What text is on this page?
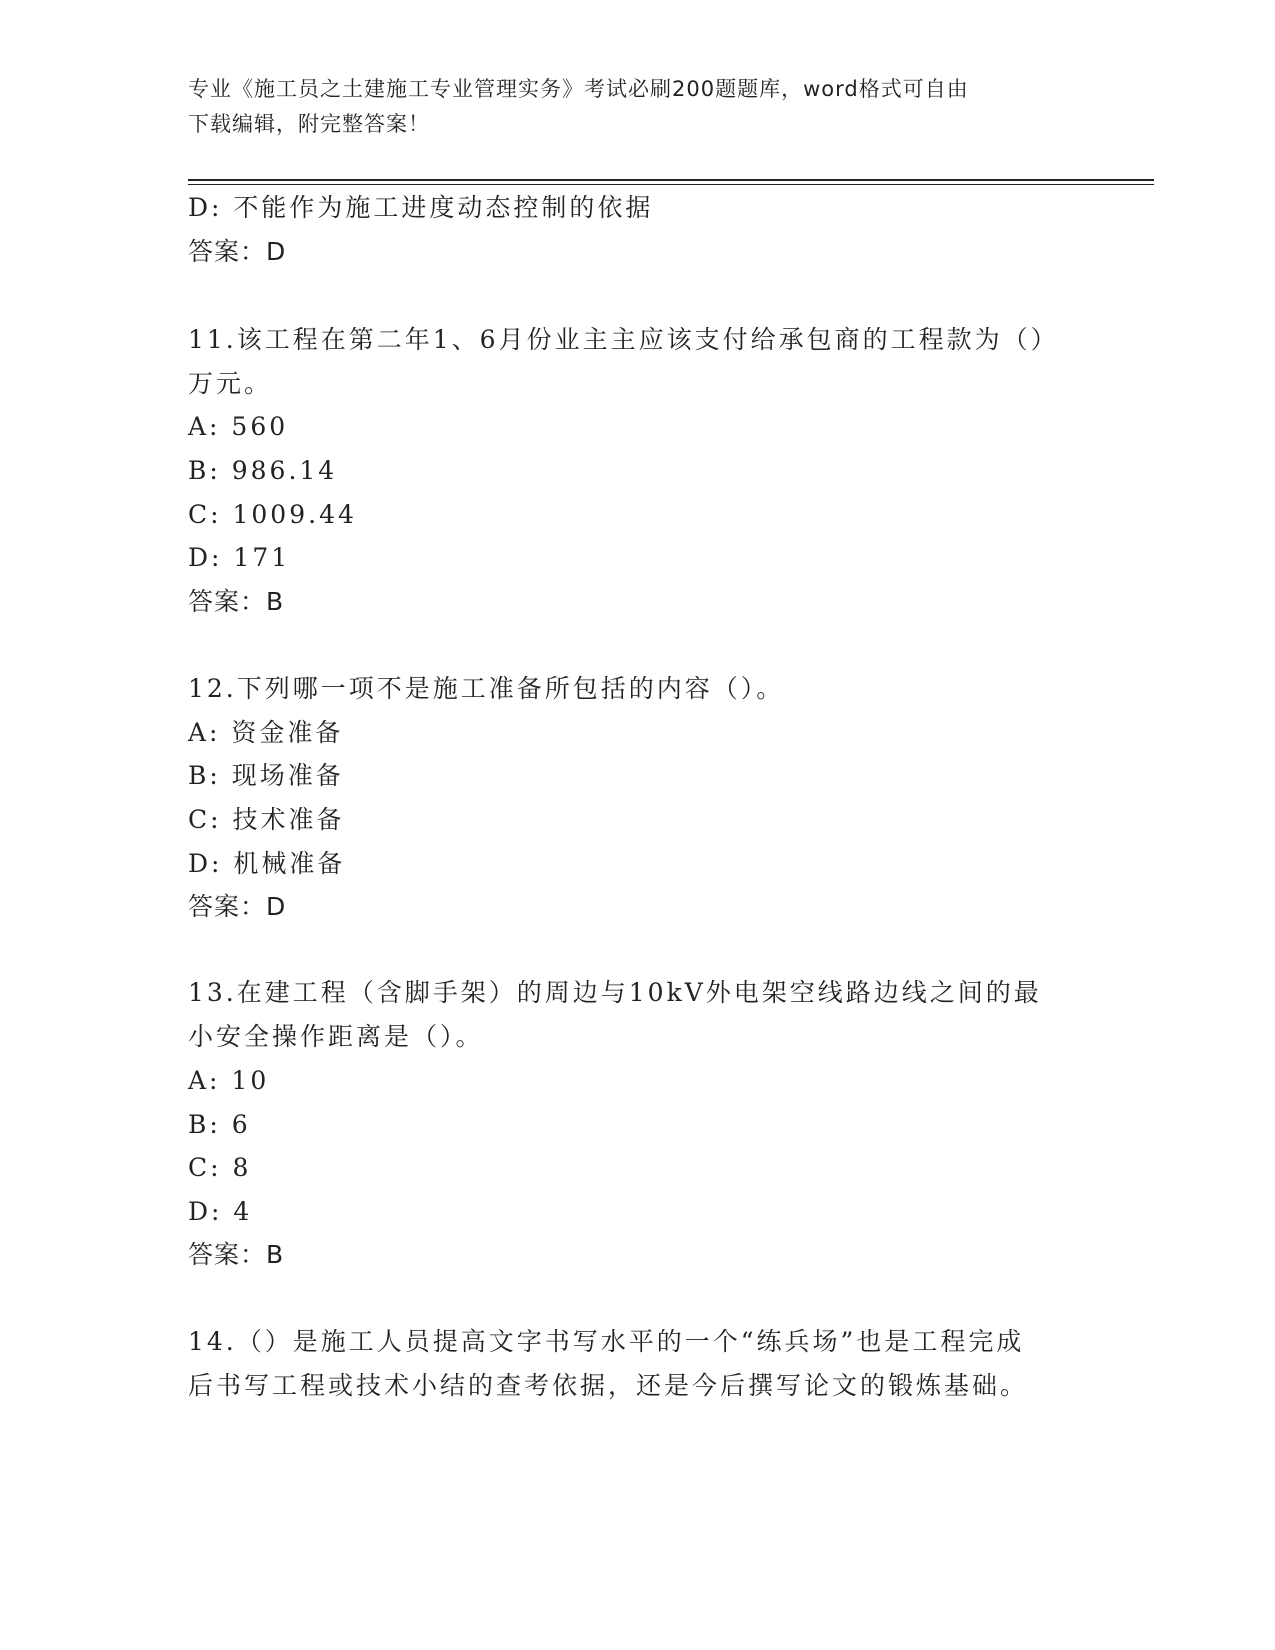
专业《施工员之土建施工专业管理实务》考试必刷200题题库，word格式可自由
下载编辑，附完整答案！
D: 不能作为施工进度动态控制的依据
答案：D
11.该工程在第二年1、6月份业主主应该支付给承包商的工程款为（）
万元。
A: 560
B: 986.14
C: 1009.44
D: 171
答案：B
12.下列哪一项不是施工准备所包括的内容（）。
A: 资金准备
B: 现场准备
C: 技术准备
D: 机械准备
答案：D
13.在建工程（含脚手架）的周边与10kV外电架空线路边线之间的最
小安全操作距离是（）。
A: 10
B: 6
C: 8
D: 4
答案：B
14.（）是施工人员提高文字书写水平的一个“练兵场”也是工程完成
后书写工程或技术小结的查考依据，还是今后撰写论文的锻炼基础。
